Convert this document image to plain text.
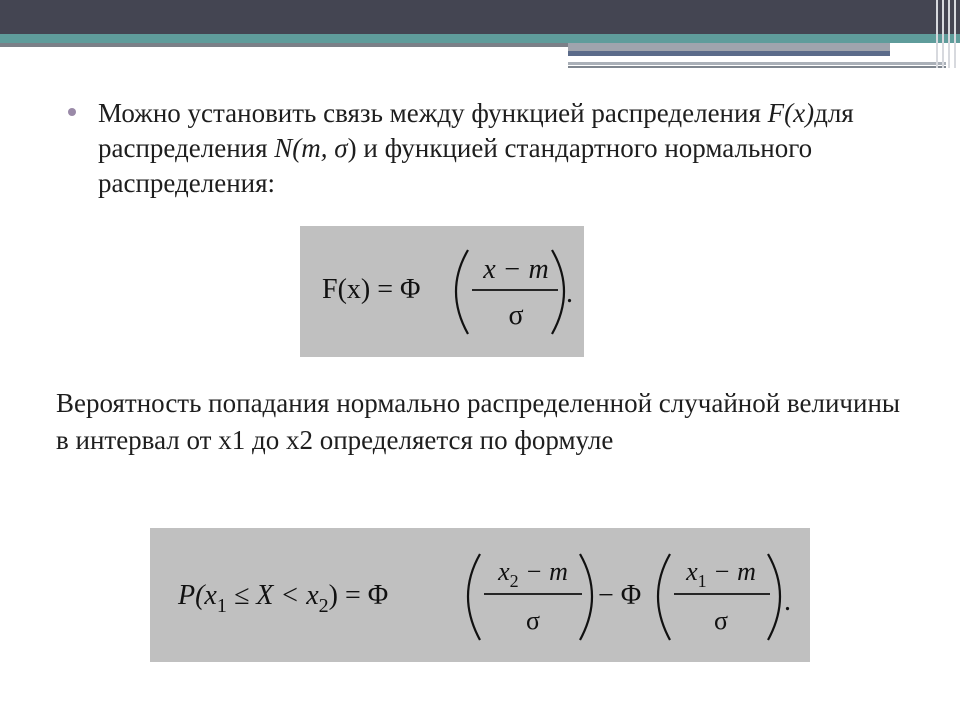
Можно установить связь между функцией распределения F(x)для распределения N(m, σ) и функцией стандартного нормального распределения:
F(x) = Φ
x − m
σ
.
Вероятность попадания нормально распределенной случайной величины в интервал от x1 до x2 определяется по формуле
$P(x_1 \le X < x_2) = \Phi$
$x_2 - m$
σ
− Φ
$x_1 - m$
σ
.
